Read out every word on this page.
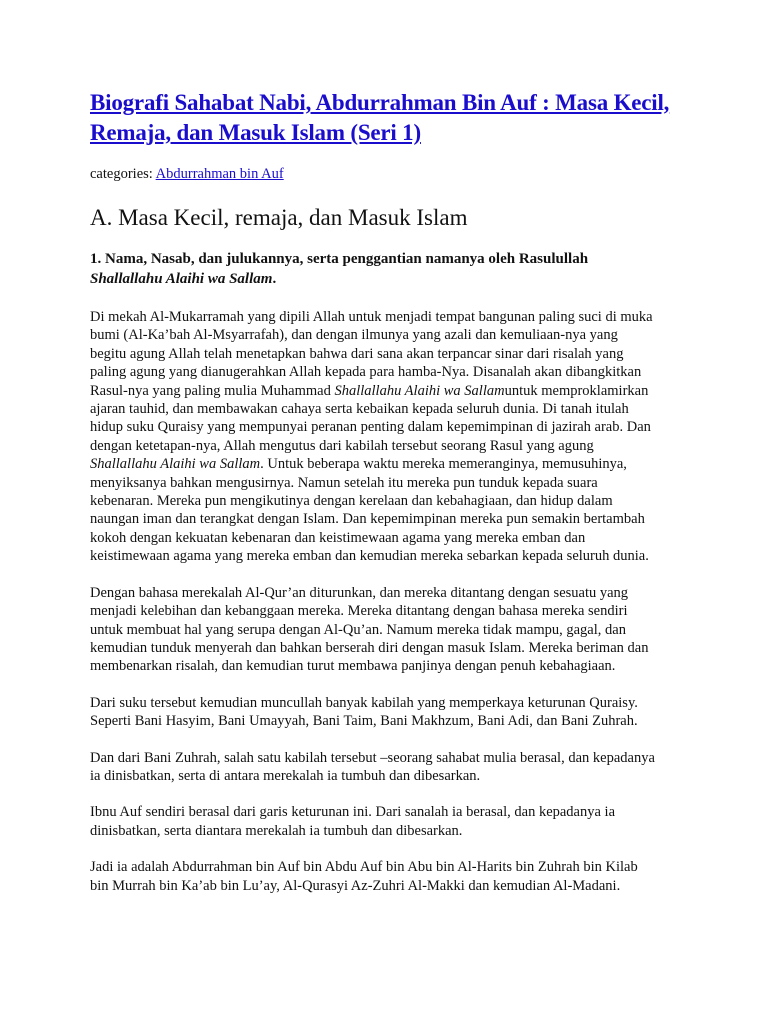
Biografi Sahabat Nabi, Abdurrahman Bin Auf : Masa Kecil,
Remaja, dan Masuk Islam (Seri 1)

categories: Abdurrahman bin Auf

A. Masa Kecil, remaja, dan Masuk Islam

1. Nama, Nasab, dan julukannya, serta penggantian namanya oleh Rasulullah
Shallallahu Alaihi wa Sallam.

Di mekah Al-Mukarramah yang dipili Allah untuk menjadi tempat bangunan paling suci di muka
bumi (Al-Ka’bah Al-Msyarrafah), dan dengan ilmunya yang azali dan kemuliaan-nya yang
begitu agung Allah telah menetapkan bahwa dari sana akan terpancar sinar dari risalah yang
paling agung yang dianugerahkan Allah kepada para hamba-Nya. Disanalah akan dibangkitkan
Rasul-nya yang paling mulia Muhammad Shallallahu Alaihi wa Sallamuntuk memproklamirkan
ajaran tauhid, dan membawakan cahaya serta kebaikan kepada seluruh dunia. Di tanah itulah
hidup suku Quraisy yang mempunyai peranan penting dalam kepemimpinan di jazirah arab. Dan
dengan ketetapan-nya, Allah mengutus dari kabilah tersebut seorang Rasul yang agung
Shallallahu Alaihi wa Sallam. Untuk beberapa waktu mereka memeranginya, memusuhinya,
menyiksanya bahkan mengusirnya. Namun setelah itu mereka pun tunduk kepada suara
kebenaran. Mereka pun mengikutinya dengan kerelaan dan kebahagiaan, dan hidup dalam
naungan iman dan terangkat dengan Islam. Dan kepemimpinan mereka pun semakin bertambah
kokoh dengan kekuatan kebenaran dan keistimewaan agama yang mereka emban dan
keistimewaan agama yang mereka emban dan kemudian mereka sebarkan kepada seluruh dunia.

Dengan bahasa merekalah Al-Qur’an diturunkan, dan mereka ditantang dengan sesuatu yang
menjadi kelebihan dan kebanggaan mereka. Mereka ditantang dengan bahasa mereka sendiri
untuk membuat hal yang serupa dengan Al-Qu’an. Namum mereka tidak mampu, gagal, dan
kemudian tunduk menyerah dan bahkan berserah diri dengan masuk Islam. Mereka beriman dan
membenarkan risalah, dan kemudian turut membawa panjinya dengan penuh kebahagiaan.

Dari suku tersebut kemudian muncullah banyak kabilah yang memperkaya keturunan Quraisy.
Seperti Bani Hasyim, Bani Umayyah, Bani Taim, Bani Makhzum, Bani Adi, dan Bani Zuhrah.

Dan dari Bani Zuhrah, salah satu kabilah tersebut –seorang sahabat mulia berasal, dan kepadanya
ia dinisbatkan, serta di antara merekalah ia tumbuh dan dibesarkan.

Ibnu Auf sendiri berasal dari garis keturunan ini. Dari sanalah ia berasal, dan kepadanya ia
dinisbatkan, serta diantara merekalah ia tumbuh dan dibesarkan.

Jadi ia adalah Abdurrahman bin Auf bin Abdu Auf bin Abu bin Al-Harits bin Zuhrah bin Kilab
bin Murrah bin Ka’ab bin Lu’ay, Al-Qurasyi Az-Zuhri Al-Makki dan kemudian Al-Madani.
